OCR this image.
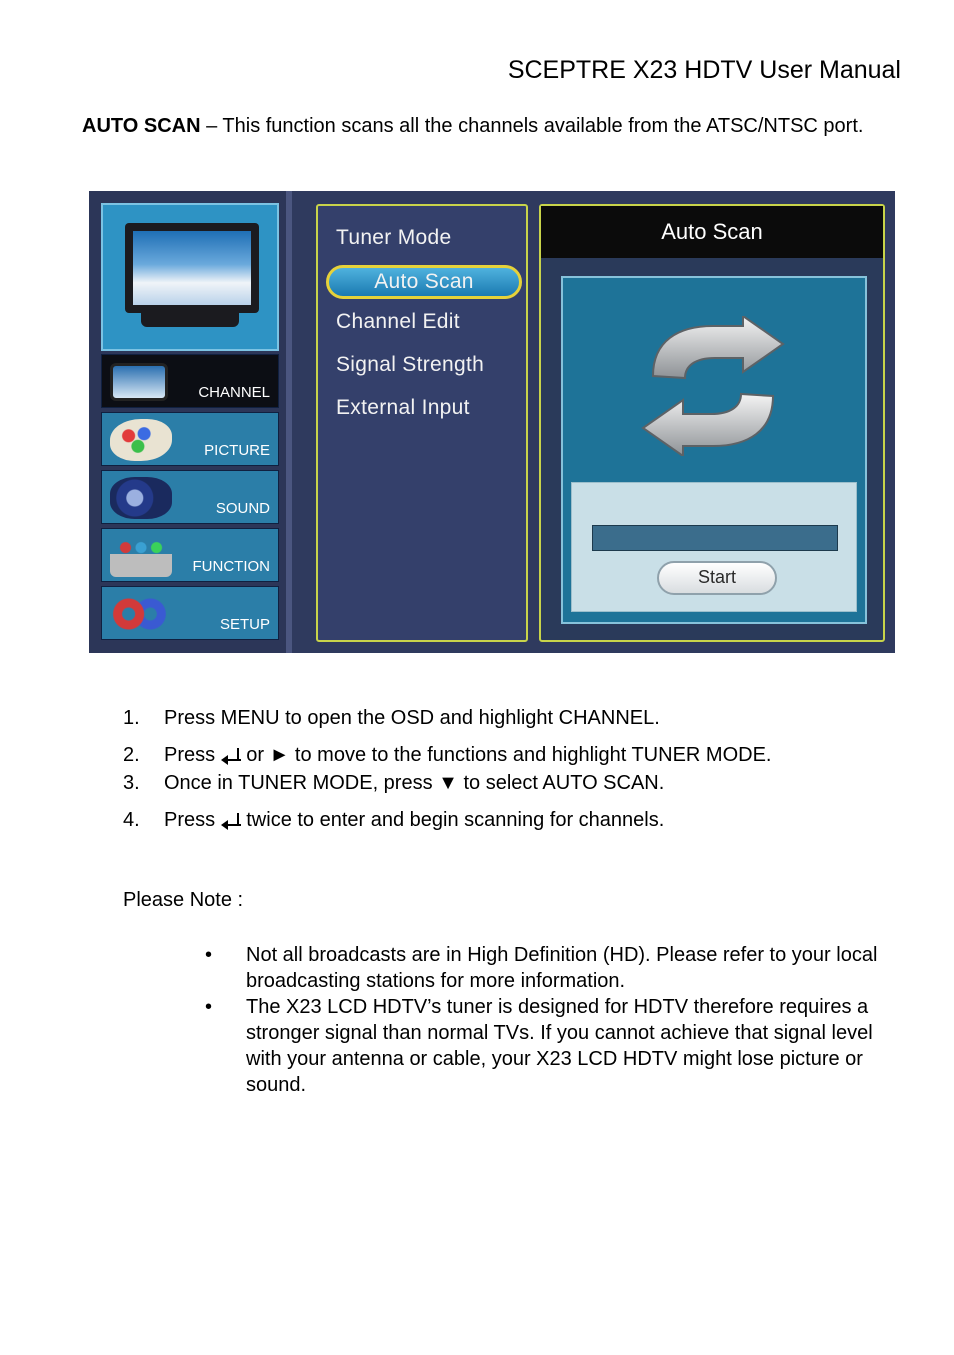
SCEPTRE X23 HDTV User Manual
AUTO SCAN – This function scans all the channels available from the ATSC/NTSC port.
CHANNEL
PICTURE
SOUND
FUNCTION
SETUP
Tuner Mode
Auto Scan
Channel Edit
Signal Strength
External Input
Auto Scan
Start
1. Press MENU to open the OSD and highlight CHANNEL.
2. Press
or ► to move to the functions and highlight TUNER MODE.
3. Once in TUNER MODE, press ▼ to select AUTO SCAN.
4. Press
twice to enter and begin scanning for channels.
Please Note :
• Not all broadcasts are in High Definition (HD). Please refer to your local broadcasting stations for more information.
• The X23 LCD HDTV’s tuner is designed for HDTV therefore requires a stronger signal than normal TVs. If you cannot achieve that signal level with your antenna or cable, your X23 LCD HDTV might lose picture or sound.
